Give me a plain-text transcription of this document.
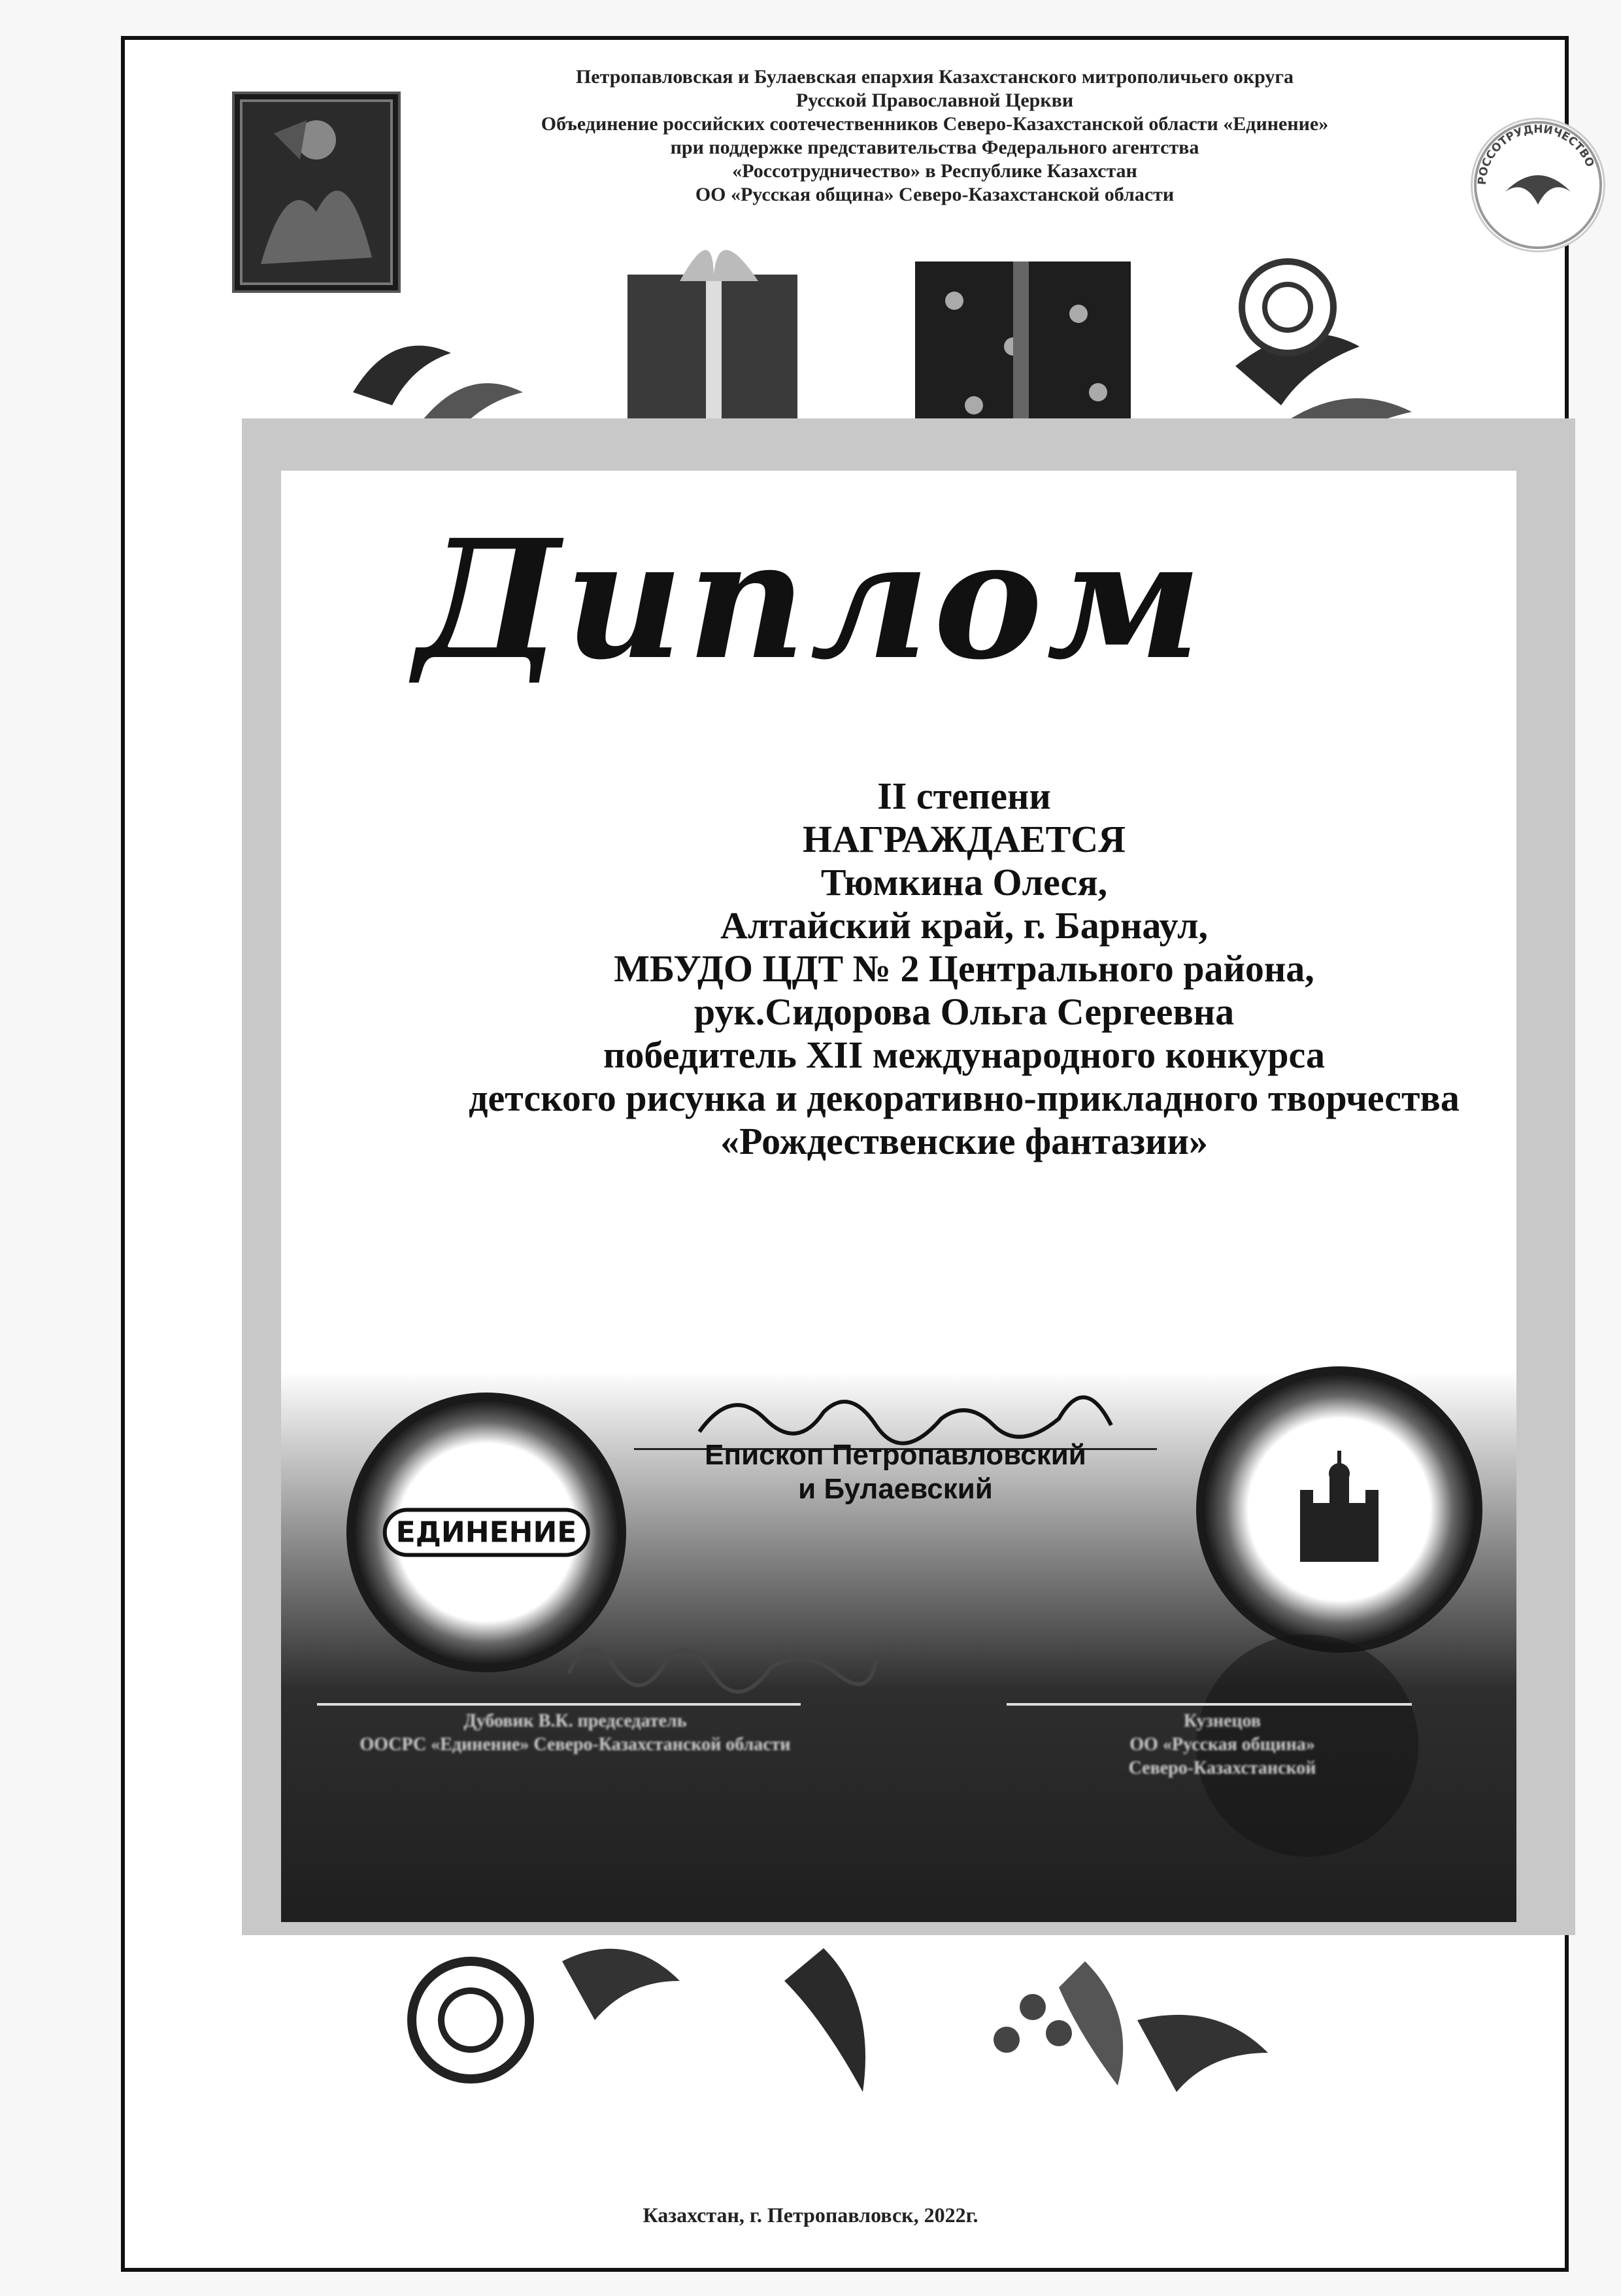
Петропавловская и Булаевская епархия Казахстанского митрополичьего округа
Русской Православной Церкви
Объединение российских соотечественников Северо-Казахстанской области «Единение»
при поддержке представительства Федерального агентства
«Россотрудничество» в Республике Казахстан
ОО «Русская община» Северо-Казахстанской области
РОССОТРУДНИЧЕСТВО
Диплом
II степени
НАГРАЖДАЕТСЯ
Тюмкина Олеся,
Алтайский край, г. Барнаул,
МБУДО ЦДТ № 2 Центрального района,
рук.Сидорова Ольга Сергеевна
победитель XII международного конкурса
детского рисунка и декоративно-прикладного творчества
«Рождественские фантазии»
ЕДИНЕНИЕ
Епископ Петропавловский
и Булаевский
Дубовик В.К. председатель
ООСРС «Единение» Северо-Казахстанской области
Кузнецов
ОО «Русская община»
Северо-Казахстанской
Казахстан, г. Петропавловск, 2022г.
